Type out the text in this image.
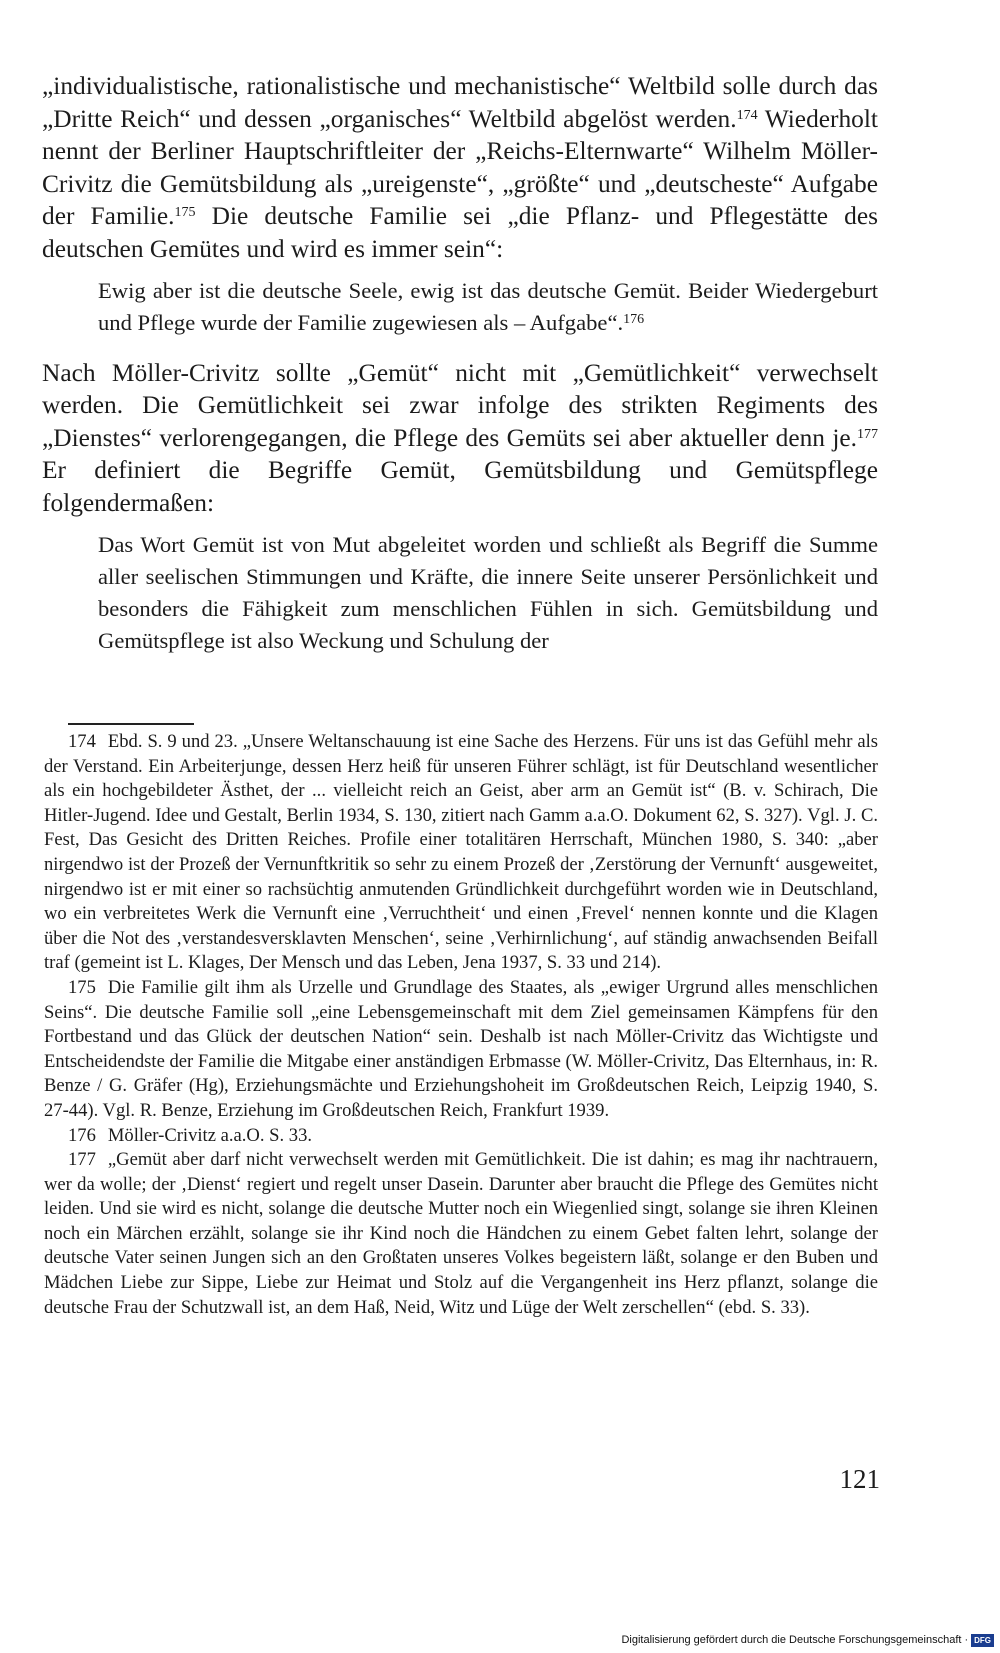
„individualistische, rationalistische und mechanistische“ Weltbild solle durch das „Dritte Reich“ und dessen „organisches“ Weltbild abgelöst werden.$^{174}$ Wiederholt nennt der Berliner Hauptschriftleiter der „Reichs-Elternwarte“ Wilhelm Möller-Crivitz die Gemütsbildung als „ureigenste“, „größte“ und „deutscheste“ Aufgabe der Familie.$^{175}$ Die deutsche Familie sei „die Pflanz- und Pflegestätte des deutschen Gemütes und wird es immer sein“:

Ewig aber ist die deutsche Seele, ewig ist das deutsche Gemüt. Beider Wiedergeburt und Pflege wurde der Familie zugewiesen als – Aufgabe“.$^{176}$

Nach Möller-Crivitz sollte „Gemüt“ nicht mit „Gemütlichkeit“ verwechselt werden. Die Gemütlichkeit sei zwar infolge des strikten Regiments des „Dienstes“ verlorengegangen, die Pflege des Gemüts sei aber aktueller denn je.$^{177}$ Er definiert die Begriffe Gemüt, Gemütsbildung und Gemütspflege folgendermaßen:

Das Wort Gemüt ist von Mut abgeleitet worden und schließt als Begriff die Summe aller seelischen Stimmungen und Kräfte, die innere Seite unserer Persönlichkeit und besonders die Fähigkeit zum menschlichen Fühlen in sich. Gemütsbildung und Gemütspflege ist also Weckung und Schulung der

174 Ebd. S. 9 und 23. „Unsere Weltanschauung ist eine Sache des Herzens. Für uns ist das Gefühl mehr als der Verstand. Ein Arbeiterjunge, dessen Herz heiß für unseren Führer schlägt, ist für Deutschland wesentlicher als ein hochgebildeter Ästhet, der ... vielleicht reich an Geist, aber arm an Gemüt ist“ (B. v. Schirach, Die Hitler-Jugend. Idee und Gestalt, Berlin 1934, S. 130, zitiert nach Gamm a.a.O. Dokument 62, S. 327). Vgl. J. C. Fest, Das Gesicht des Dritten Reiches. Profile einer totalitären Herrschaft, München 1980, S. 340: „aber nirgendwo ist der Prozeß der Vernunftkritik so sehr zu einem Prozeß der ‚Zerstörung der Vernunft‘ ausgeweitet, nirgendwo ist er mit einer so rachsüchtig anmutenden Gründlichkeit durchgeführt worden wie in Deutschland, wo ein verbreitetes Werk die Vernunft eine ‚Verruchtheit‘ und einen ‚Frevel‘ nennen konnte und die Klagen über die Not des ‚verstandesversklavten Menschen‘, seine ‚Verhirnlichung‘, auf ständig anwachsenden Beifall traf (gemeint ist L. Klages, Der Mensch und das Leben, Jena 1937, S. 33 und 214).

175 Die Familie gilt ihm als Urzelle und Grundlage des Staates, als „ewiger Urgrund alles menschlichen Seins“. Die deutsche Familie soll „eine Lebensgemeinschaft mit dem Ziel gemeinsamen Kämpfens für den Fortbestand und das Glück der deutschen Nation“ sein. Deshalb ist nach Möller-Crivitz das Wichtigste und Entscheidendste der Familie die Mitgabe einer anständigen Erbmasse (W. Möller-Crivitz, Das Elternhaus, in: R. Benze / G. Gräfer (Hg), Erziehungsmächte und Erziehungshoheit im Großdeutschen Reich, Leipzig 1940, S. 27-44). Vgl. R. Benze, Erziehung im Großdeutschen Reich, Frankfurt 1939.

176 Möller-Crivitz a.a.O. S. 33.

177 „Gemüt aber darf nicht verwechselt werden mit Gemütlichkeit. Die ist dahin; es mag ihr nachtrauern, wer da wolle; der ‚Dienst‘ regiert und regelt unser Dasein. Darunter aber braucht die Pflege des Gemütes nicht leiden. Und sie wird es nicht, solange die deutsche Mutter noch ein Wiegenlied singt, solange sie ihren Kleinen noch ein Märchen erzählt, solange sie ihr Kind noch die Händchen zu einem Gebet falten lehrt, solange der deutsche Vater seinen Jungen sich an den Großtaten unseres Volkes begeistern läßt, solange er den Buben und Mädchen Liebe zur Sippe, Liebe zur Heimat und Stolz auf die Vergangenheit ins Herz pflanzt, solange die deutsche Frau der Schutzwall ist, an dem Haß, Neid, Witz und Lüge der Welt zerschellen“ (ebd. S. 33).

121
Digitalisierung gefördert durch die Deutsche Forschungsgemeinschaft · DFG
